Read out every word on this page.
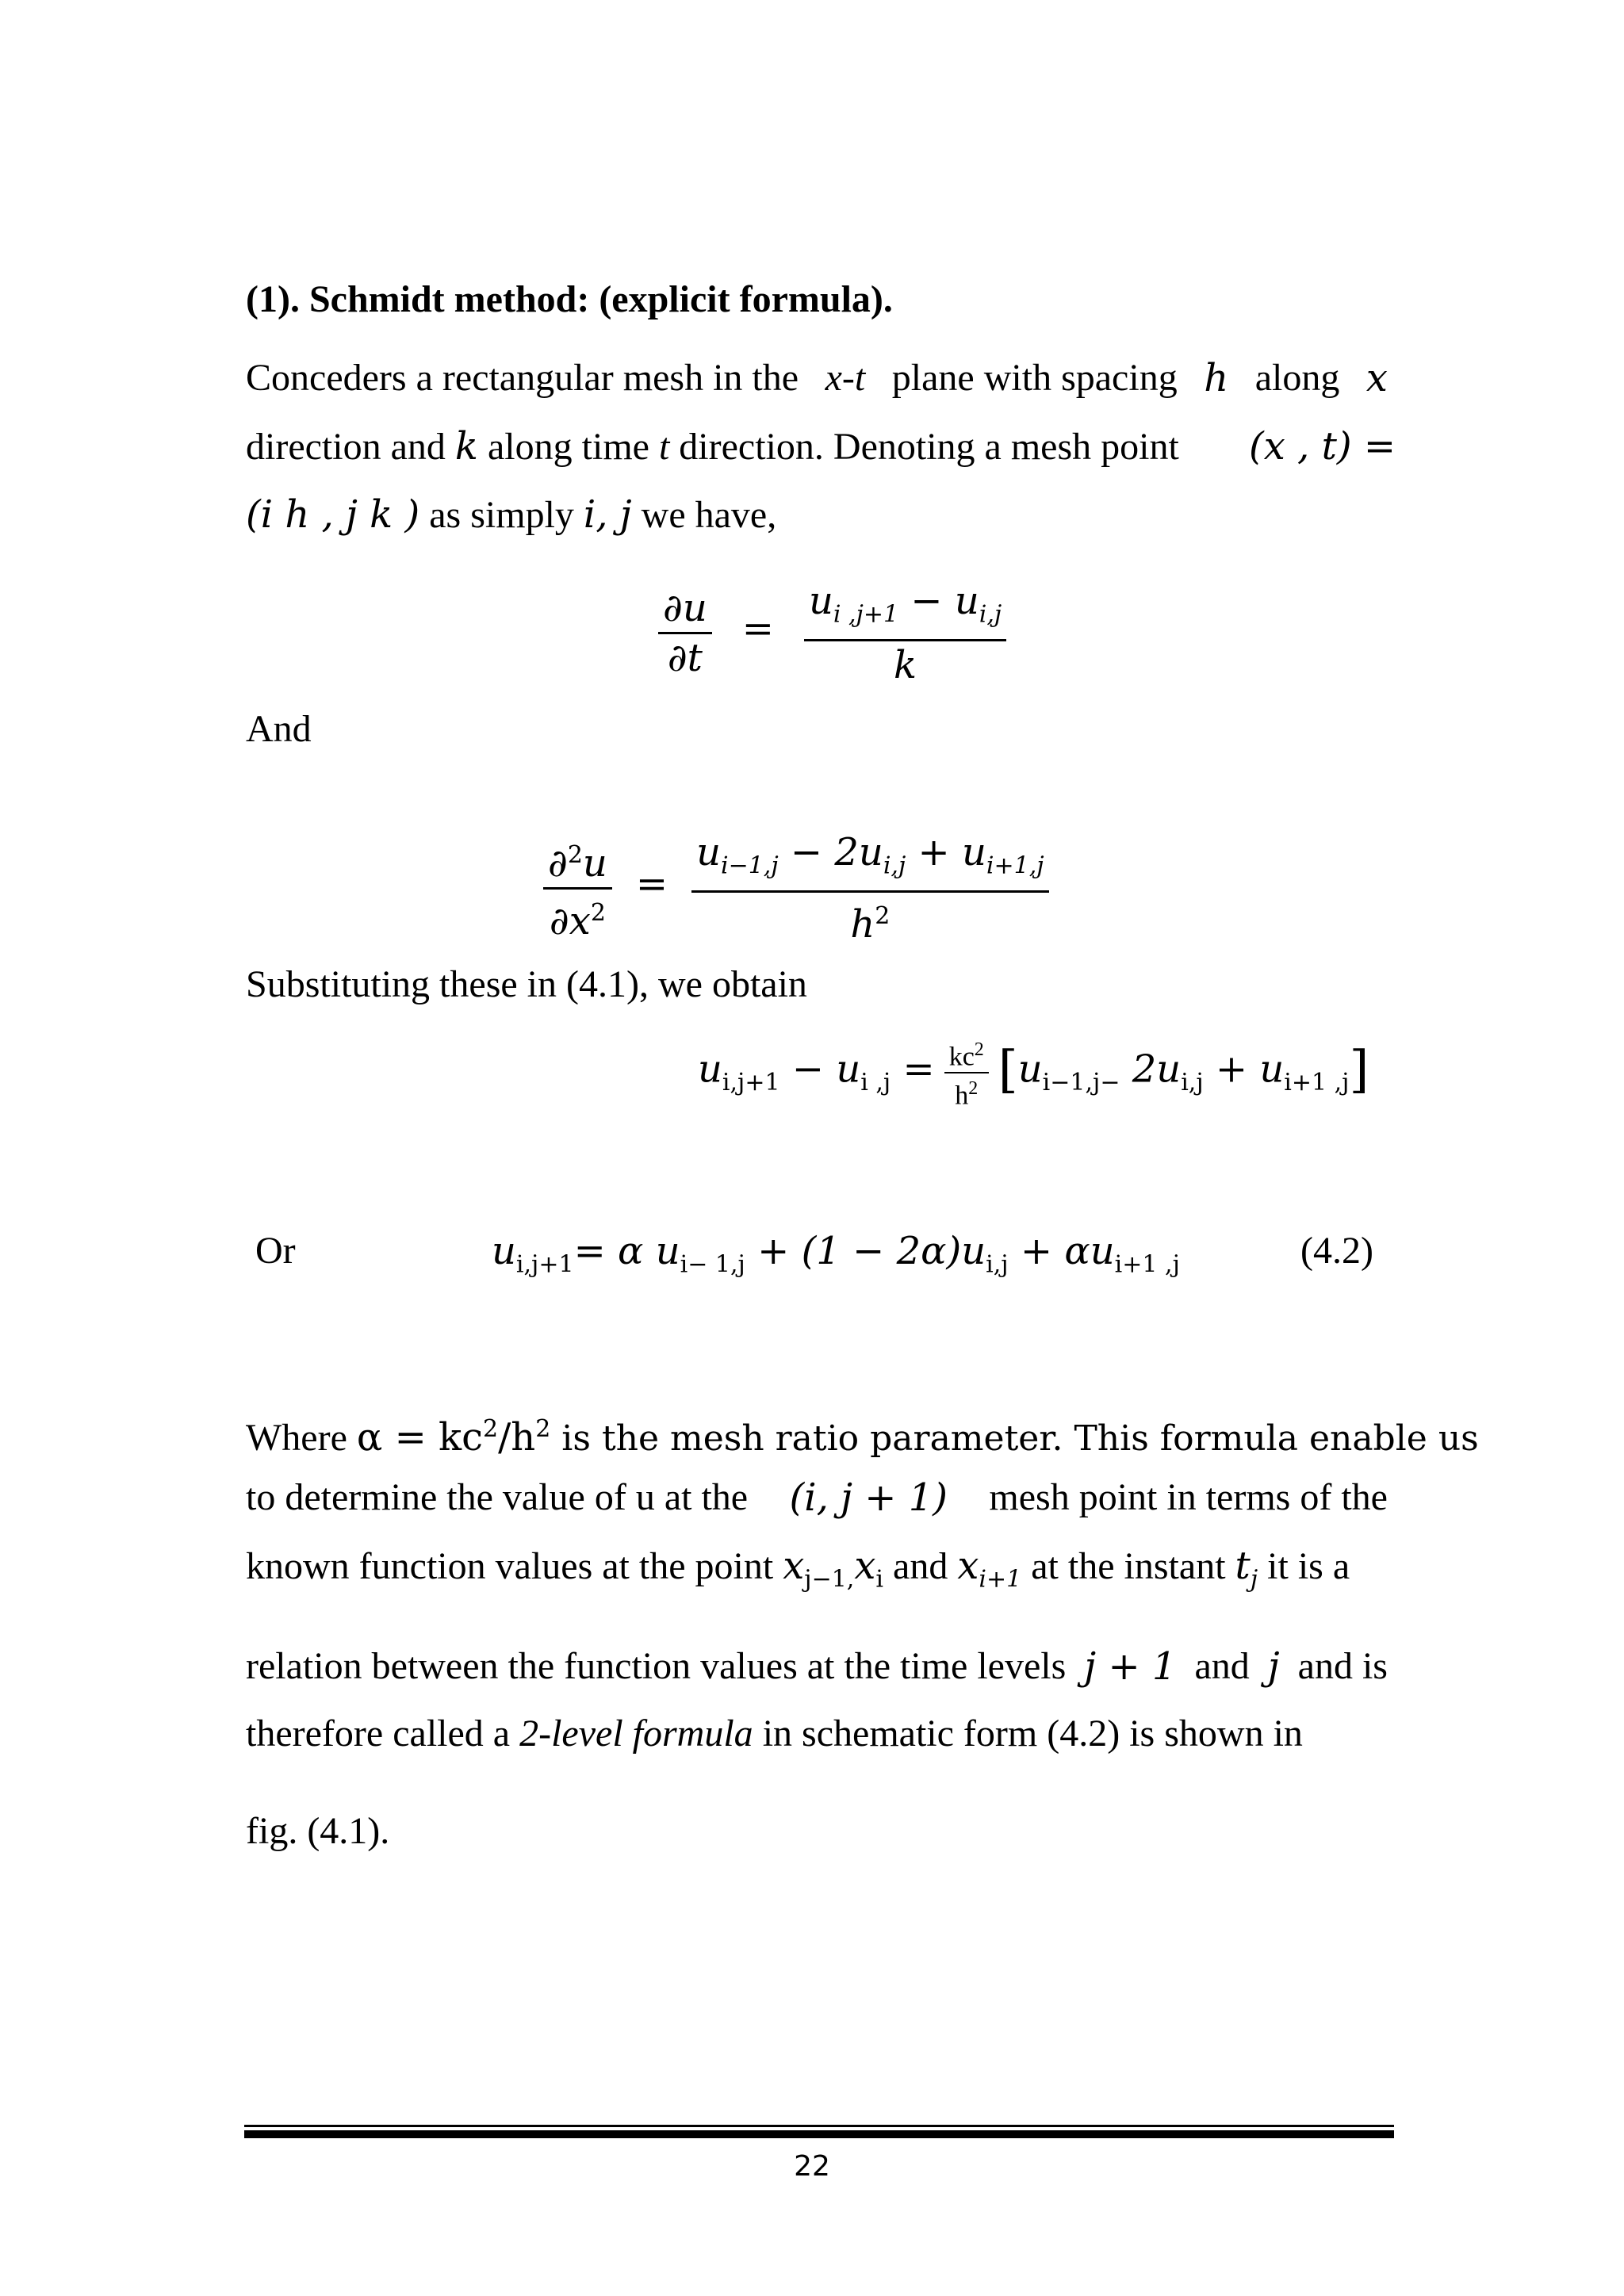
(1). Schmidt method: (explicit formula).
Conceders a rectangular mesh in the x-t plane with spacing h along x
direction and k along time t direction. Denoting a mesh point (x , t) =
(i h , j k ) as simply i, j we have,
$\frac{\partial u}{\partial t} = \frac{u_{i ,j+1} - u_{i,j}}{k}$
And
$\frac{\partial^2u}{\partial x^2} = \frac{u_{i-1,j} - 2u_{i,j} + u_{i+1,j}}{h^2}$
Substituting these in (4.1), we obtain
$u_{i,j+1} - u_{i ,j} = \frac{kc^2}{h^2} [u_{i-1,j-}$ $2u_{i,j} + u_{i+1 ,j}$]
Or	$u_{i,j+1}= \alpha$ $u_{i- 1,j} + (1 - 2\alpha)u_{i,j} + \alpha u_{i+1 ,j}$	(4.2)
Where $\alpha = kc^2/h^2$ is the mesh ratio parameter. This formula enable us
to determine the value of u at the (i, j + 1) mesh point in terms of the
known function values at the point $x_{j-1,}x_i$ and $x_{i+1}$ at the instant $t_j$ it is a
relation between the function values at the time levels j + 1 and j and is
therefore called a 2-level formula in schematic form (4.2) is shown in
fig. (4.1).
22
